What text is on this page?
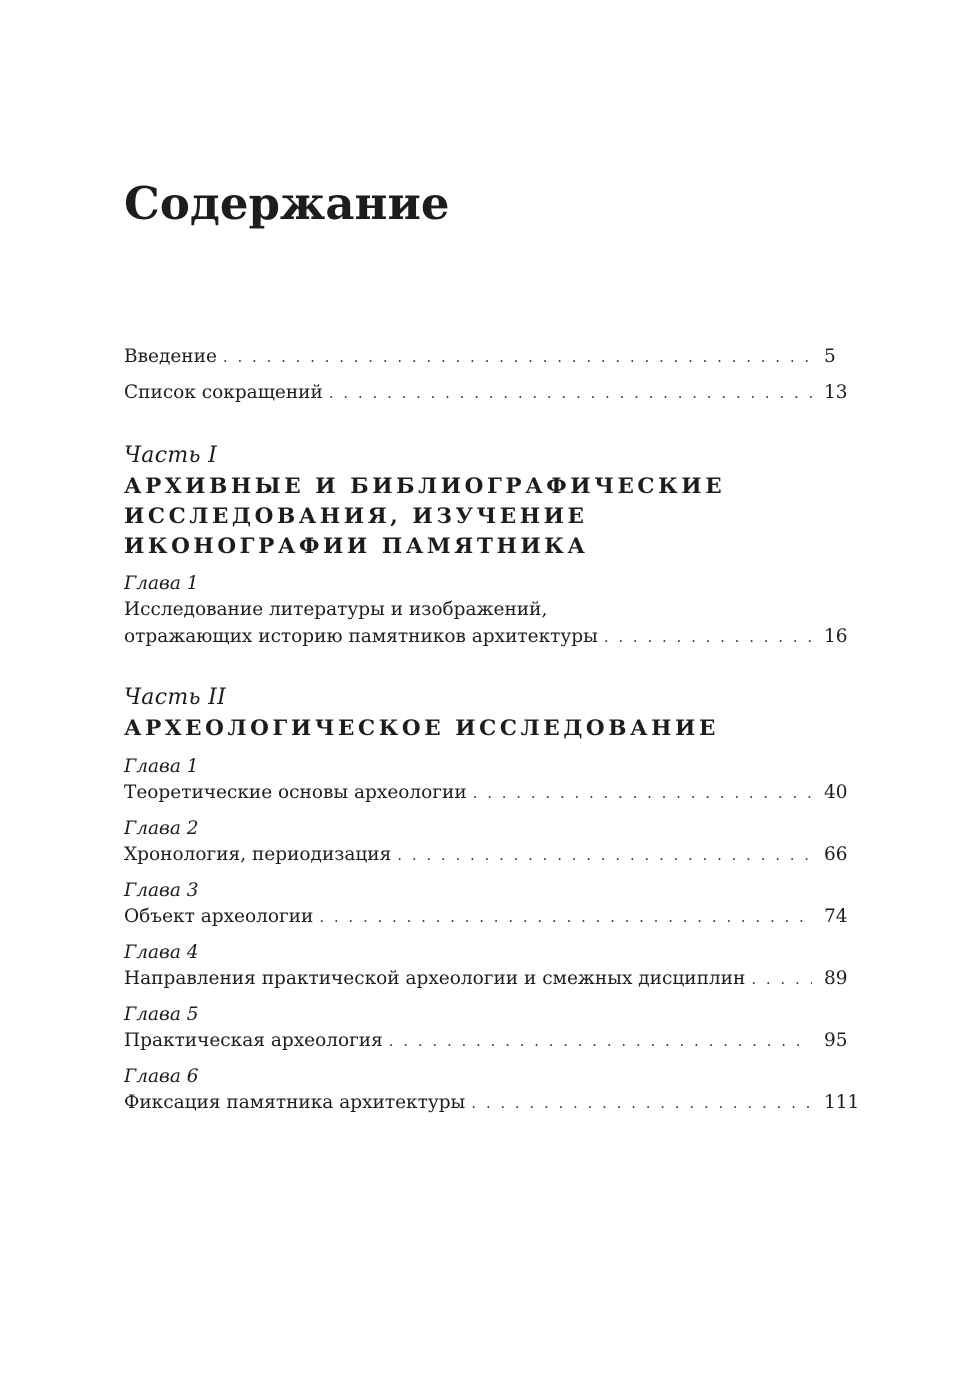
Содержание
Введение . . .	5
Список сокращений . . .	13
Часть I
АРХИВНЫЕ И БИБЛИОГРАФИЧЕСКИЕ
ИССЛЕДОВАНИЯ, ИЗУЧЕНИЕ
ИКОНОГРАФИИ ПАМЯТНИКА
Глава 1
Исследование литературы и изображений,
отражающих историю памятников архитектуры . . .	16
Часть II
АРХЕОЛОГИЧЕСКОЕ ИССЛЕДОВАНИЕ
Глава 1
Теоретические основы археологии . . .	40
Глава 2
Хронология, периодизация . . .	66
Глава 3
Объект археологии . . .	74
Глава 4
Направления практической археологии и смежных дисциплин . . .	89
Глава 5
Практическая археология . . .	95
Глава 6
Фиксация памятника архитектуры . . .	111
